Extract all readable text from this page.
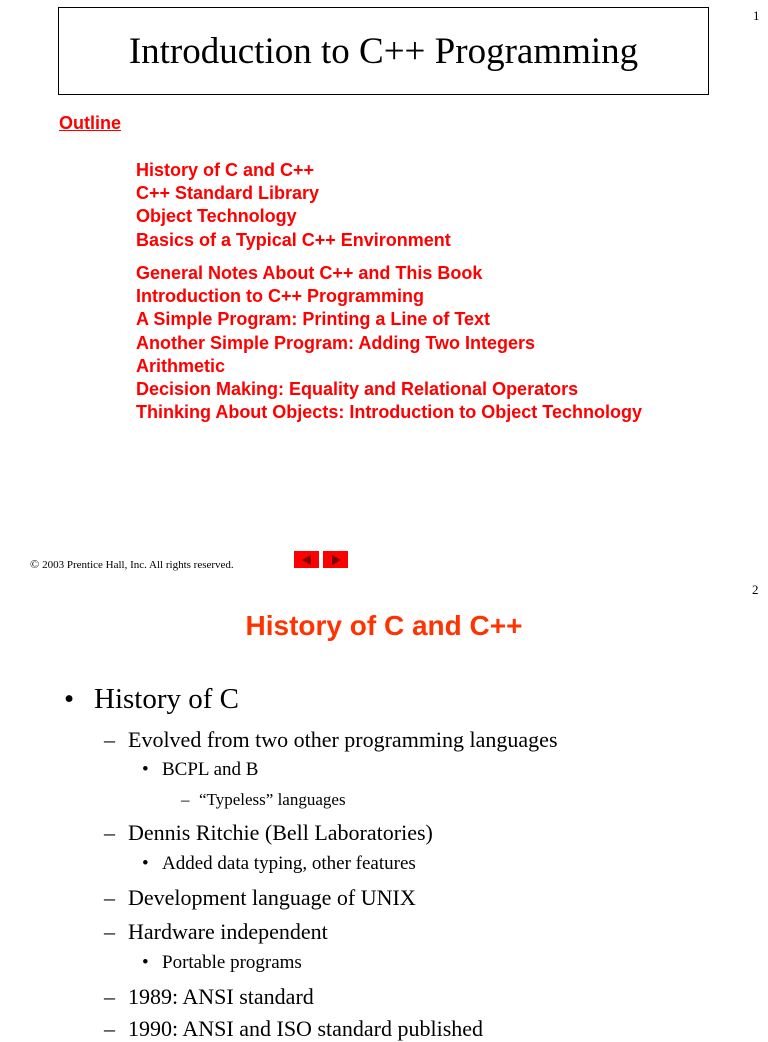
1
Introduction to C++ Programming
Outline
History of C and C++
C++ Standard Library
Object Technology
Basics of a Typical C++ Environment
General Notes About C++ and This Book
Introduction to C++ Programming
A Simple Program: Printing a Line of Text
Another Simple Program: Adding Two Integers
Arithmetic
Decision Making: Equality and Relational Operators
Thinking About Objects: Introduction to Object Technology
© 2003 Prentice Hall, Inc. All rights reserved.
2
History of C and C++
• History of C
– Evolved from two other programming languages
• BCPL and B
– “Typeless” languages
– Dennis Ritchie (Bell Laboratories)
• Added data typing, other features
– Development language of UNIX
– Hardware independent
• Portable programs
– 1989: ANSI standard
– 1990: ANSI and ISO standard published
